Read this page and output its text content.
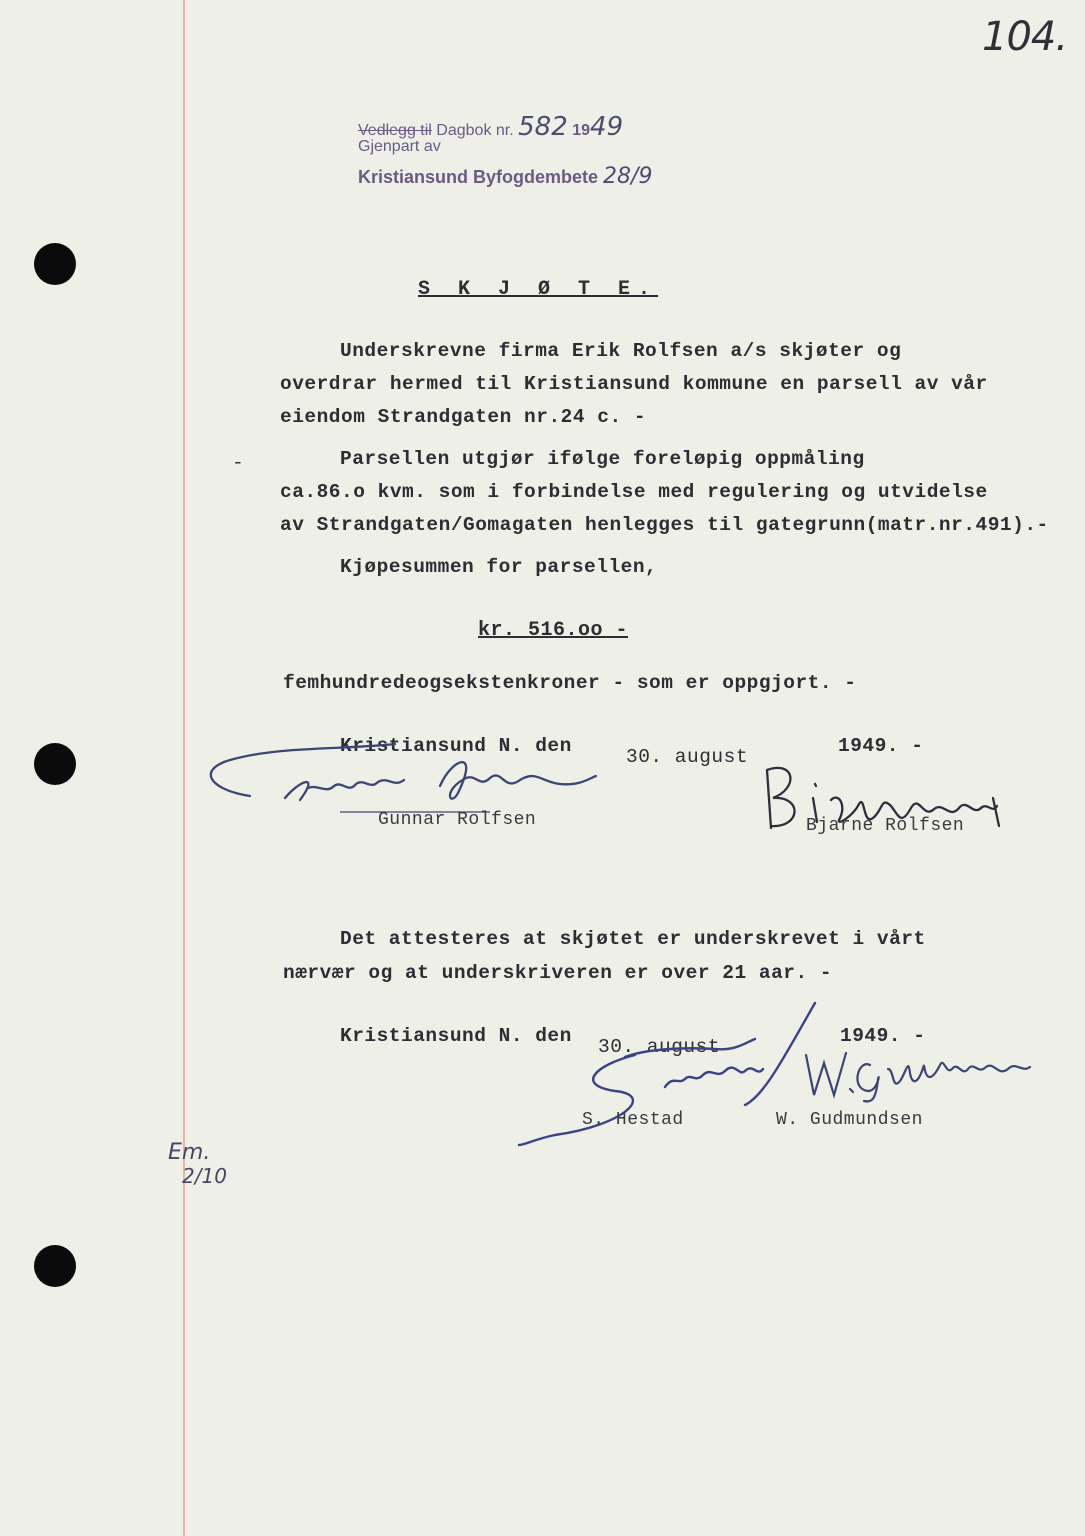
104.
Vedlegg til Dagbok nr. 582 1949
Gjenpart av
Kristiansund Byfogdembete 28/9
S K J Ø T E.
Underskrevne firma Erik Rolfsen a/s skjøter og
overdrar hermed til Kristiansund kommune en parsell av vår
eiendom Strandgaten nr.24 c. -
-	Parsellen utgjør ifølge foreløpig oppmåling
ca.86.o kvm. som i forbindelse med regulering og utvidelse
av Strandgaten/Gomagaten henlegges til gategrunn(matr.nr.491).-
Kjøpesummen for parsellen,
kr. 516.oo -
femhundredeogsekstenkroner - som er oppgjort. -
Kristiansund N. den	30. august	1949. -
Gunnar Rolfsen	Bjarne Rolfsen
Det attesteres at skjøtet er underskrevet i vårt
nærvær og at underskriveren er over 21 aar. -
Kristiansund N. den 30. august	1949. -
S. Hestad	W. Gudmundsen
Em.
2/10
